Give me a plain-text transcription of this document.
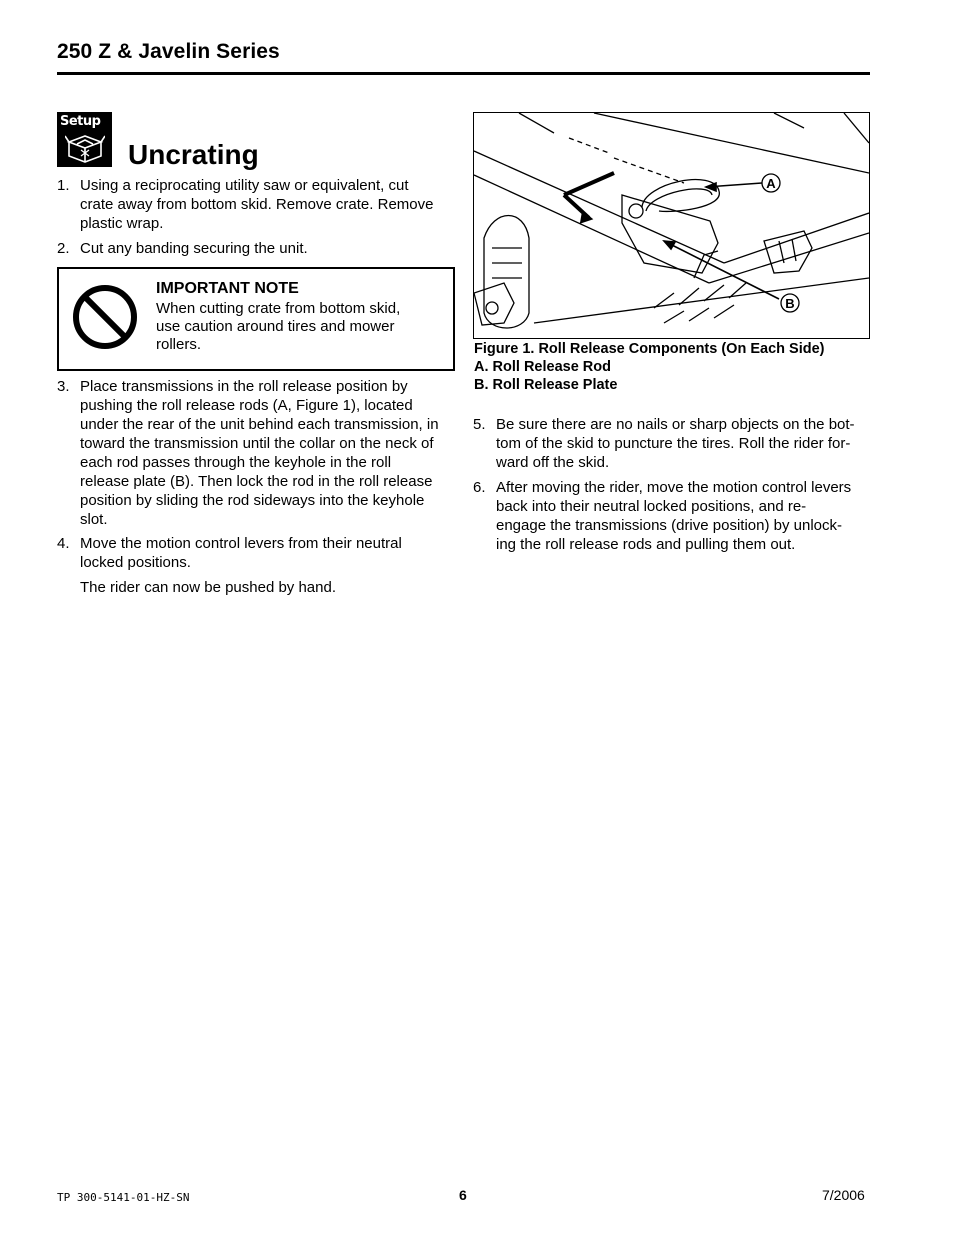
250 Z & Javelin Series
Setup
Uncrating
1. Using a reciprocating utility saw or equivalent, cut
crate away from bottom skid. Remove crate. Remove
plastic wrap.
2. Cut any banding securing the unit.
IMPORTANT NOTE
When cutting crate from bottom skid,
use caution around tires and mower
rollers.
3. Place transmissions in the roll release position by
pushing the roll release rods (A, Figure 1), located
under the rear of the unit behind each transmission, in
toward the transmission until the collar on the neck of
each rod passes through the keyhole in the roll
release plate (B). Then lock the rod in the roll release
position by sliding the rod sideways into the keyhole
slot.
4. Move the motion control levers from their neutral
locked positions.
The rider can now be pushed by hand.
A
B
Figure 1. Roll Release Components (On Each Side)
A. Roll Release Rod
B. Roll Release Plate
5. Be sure there are no nails or sharp objects on the bot-
tom of the skid to puncture the tires. Roll the rider for-
ward off the skid.
6. After moving the rider, move the motion control levers
back into their neutral locked positions, and re-
engage the transmissions (drive position) by unlock-
ing the roll release rods and pulling them out.
TP 300-5141-01-HZ-SN	6	7/2006
